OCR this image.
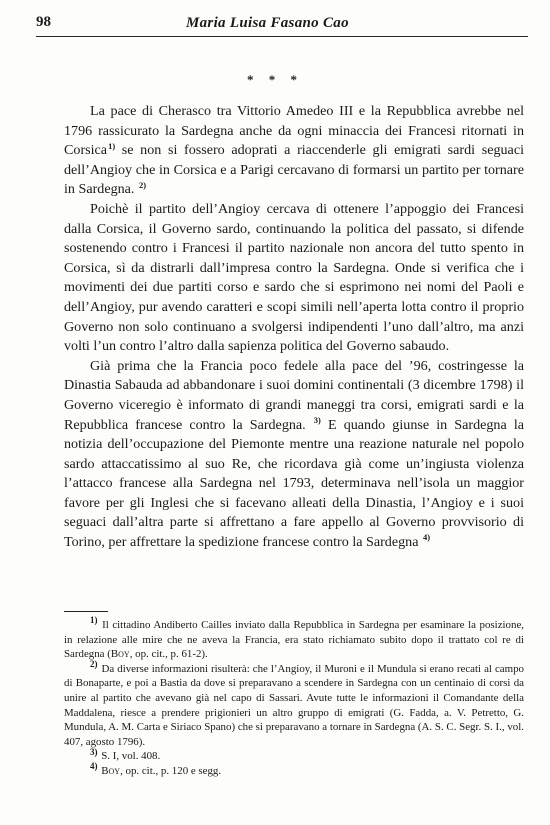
98	Maria Luisa Fasano Cao
* * *

La pace di Cherasco tra Vittorio Amedeo III e la Repubblica avrebbe nel 1796 rassicurato la Sardegna anche da ogni minaccia dei Francesi ritornati in Corsica$^{1)}$ se non si fossero adoprati a riaccenderle gli emigrati sardi seguaci dell’Angioy che in Corsica e a Parigi cercavano di formarsi un partito per tornare in Sardegna. $^{2)}$

Poichè il partito dell’Angioy cercava di ottenere l’appoggio dei Francesi dalla Corsica, il Governo sardo, continuando la politica del passato, si difende sostenendo contro i Francesi il partito nazionale non ancora del tutto spento in Corsica, sì da distrarli dall’impresa contro la Sardegna. Onde si verifica che i movimenti dei due partiti corso e sardo che si esprimono nei nomi del Paoli e dell’Angioy, pur avendo caratteri e scopi simili nell’aperta lotta contro il proprio Governo non solo continuano a svolgersi indipendenti l’uno dall’altro, ma anzi volti l’un contro l’altro dalla sapienza politica del Governo sabaudo.

Già prima che la Francia poco fedele alla pace del ’96, costringesse la Dinastia Sabauda ad abbandonare i suoi domini continentali (3 dicembre 1798) il Governo viceregio è informato di grandi maneggi tra corsi, emigrati sardi e la Repubblica francese contro la Sardegna. $^{3)}$ E quando giunse in Sardegna la notizia dell’occupazione del Piemonte mentre una reazione naturale nel popolo sardo attaccatissimo al suo Re, che ricordava già come un’ingiusta violenza l’attacco francese alla Sardegna nel 1793, determinava nell’isola un maggior favore per gli Inglesi che si facevano alleati della Dinastia, l’Angioy e i suoi seguaci dall’altra parte si affrettano a fare appello al Governo provvisorio di Torino, per affrettare la spedizione francese contro la Sardegna $^{4)}$

$^{1)}$ Il cittadino Andiberto Cailles inviato dalla Repubblica in Sardegna per esaminare la posizione, in relazione alle mire che ne aveva la Francia, era stato richiamato subito dopo il trattato col re di Sardegna (Boy, op. cit., p. 61-2).

$^{2)}$ Da diverse informazioni risulterà: che l’Angioy, il Muroni e il Mundula si erano recati al campo di Bonaparte, e poi a Bastia da dove si preparavano a scendere in Sardegna con un centinaio di corsi da unire al partito che avevano già nel capo di Sassari. Avute tutte le informazioni il Comandante della Maddalena, riesce a prendere prigionieri un altro gruppo di emigrati (G. Fadda, a. V. Petretto, G. Mundula, A. M. Carta e Siriaco Spano) che si preparavano a tornare in Sardegna (A. S. C. Segr. S. I., vol. 407, agosto 1796).

$^{3)}$ S. I, vol. 408.

$^{4)}$ Boy, op. cit., p. 120 e segg.
